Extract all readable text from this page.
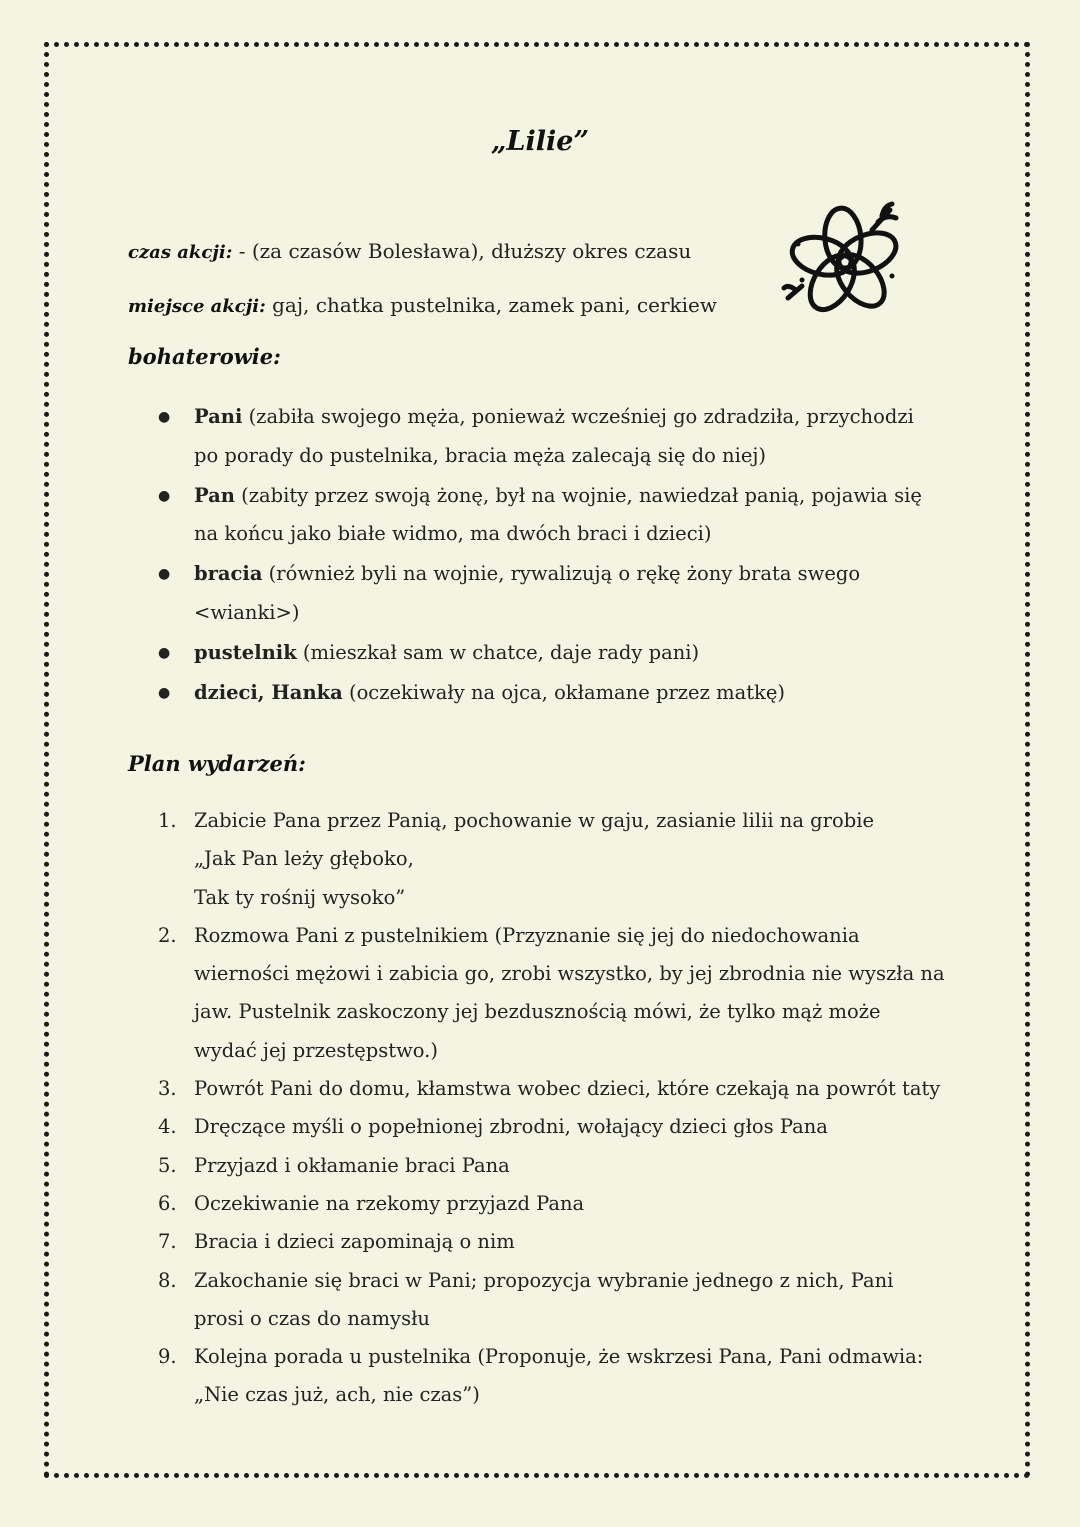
„Lilie”
czas akcji: - (za czasów Bolesława), dłuższy okres czasu
miejsce akcji: gaj, chatka pustelnika, zamek pani, cerkiew
bohaterowie:
●	Pani (zabiła swojego męża, ponieważ wcześniej go zdradziła, przychodzi po porady do pustelnika, bracia męża zalecają się do niej)
●	Pan (zabity przez swoją żonę, był na wojnie, nawiedzał panią, pojawia się na końcu jako białe widmo, ma dwóch braci i dzieci)
●	bracia (również byli na wojnie, rywalizują o rękę żony brata swego <wianki>)
●	pustelnik (mieszkał sam w chatce, daje rady pani)
●	dzieci, Hanka (oczekiwały na ojca, okłamane przez matkę)
Plan wydarzeń:
1. Zabicie Pana przez Panią, pochowanie w gaju, zasianie lilii na grobie
„Jak Pan leży głęboko,
Tak ty rośnij wysoko”
2. Rozmowa Pani z pustelnikiem (Przyznanie się jej do niedochowania wierności mężowi i zabicia go, zrobi wszystko, by jej zbrodnia nie wyszła na jaw. Pustelnik zaskoczony jej bezdusznością mówi, że tylko mąż może wydać jej przestępstwo.)
3. Powrót Pani do domu, kłamstwa wobec dzieci, które czekają na powrót taty
4. Dręczące myśli o popełnionej zbrodni, wołający dzieci głos Pana
5. Przyjazd i okłamanie braci Pana
6. Oczekiwanie na rzekomy przyjazd Pana
7. Bracia i dzieci zapominają o nim
8. Zakochanie się braci w Pani; propozycja wybranie jednego z nich, Pani prosi o czas do namysłu
9. Kolejna porada u pustelnika (Proponuje, że wskrzesi Pana, Pani odmawia: „Nie czas już, ach, nie czas”)
